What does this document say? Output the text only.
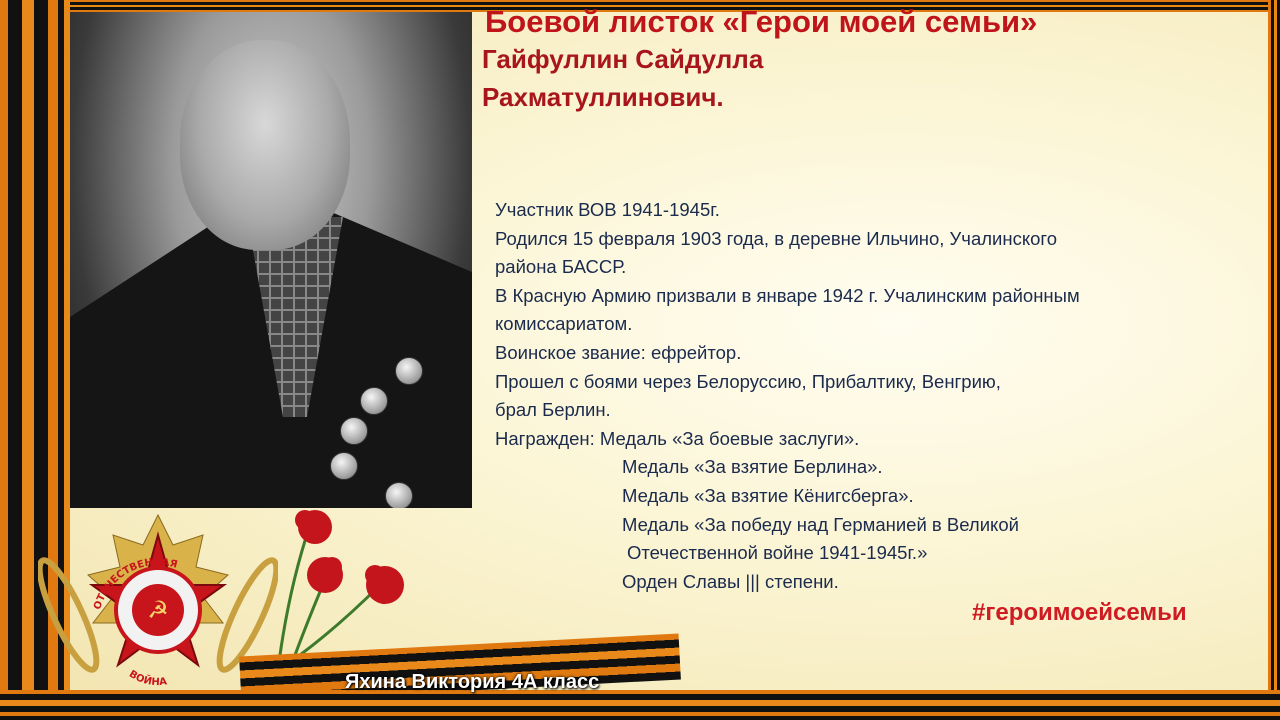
Боевой листок «Герои моей семьи»
Гайфуллин Сайдулла
Рахматуллинович.
Участник ВОВ 1941-1945г.
Родился 15 февраля 1903 года, в деревне Ильчино, Учалинского
района БАССР.
В Красную Армию призвали в январе 1942 г. Учалинским районным
комиссариатом.
Воинское звание: ефрейтор.
Прошел с боями через Белоруссию, Прибалтику, Венгрию,
брал Берлин.
Награжден: Медаль «За боевые заслуги».
Медаль «За взятие Берлина».
Медаль «За взятие Кёнигсберга».
Медаль «За победу над Германией в Великой
Отечественной войне 1941-1945г.»
Орден Славы ||| степени.
#героимоейсемьи
☭
ОТЕЧЕСТВЕННАЯ
ВОЙНА	Яхина Виктория 4А класс
